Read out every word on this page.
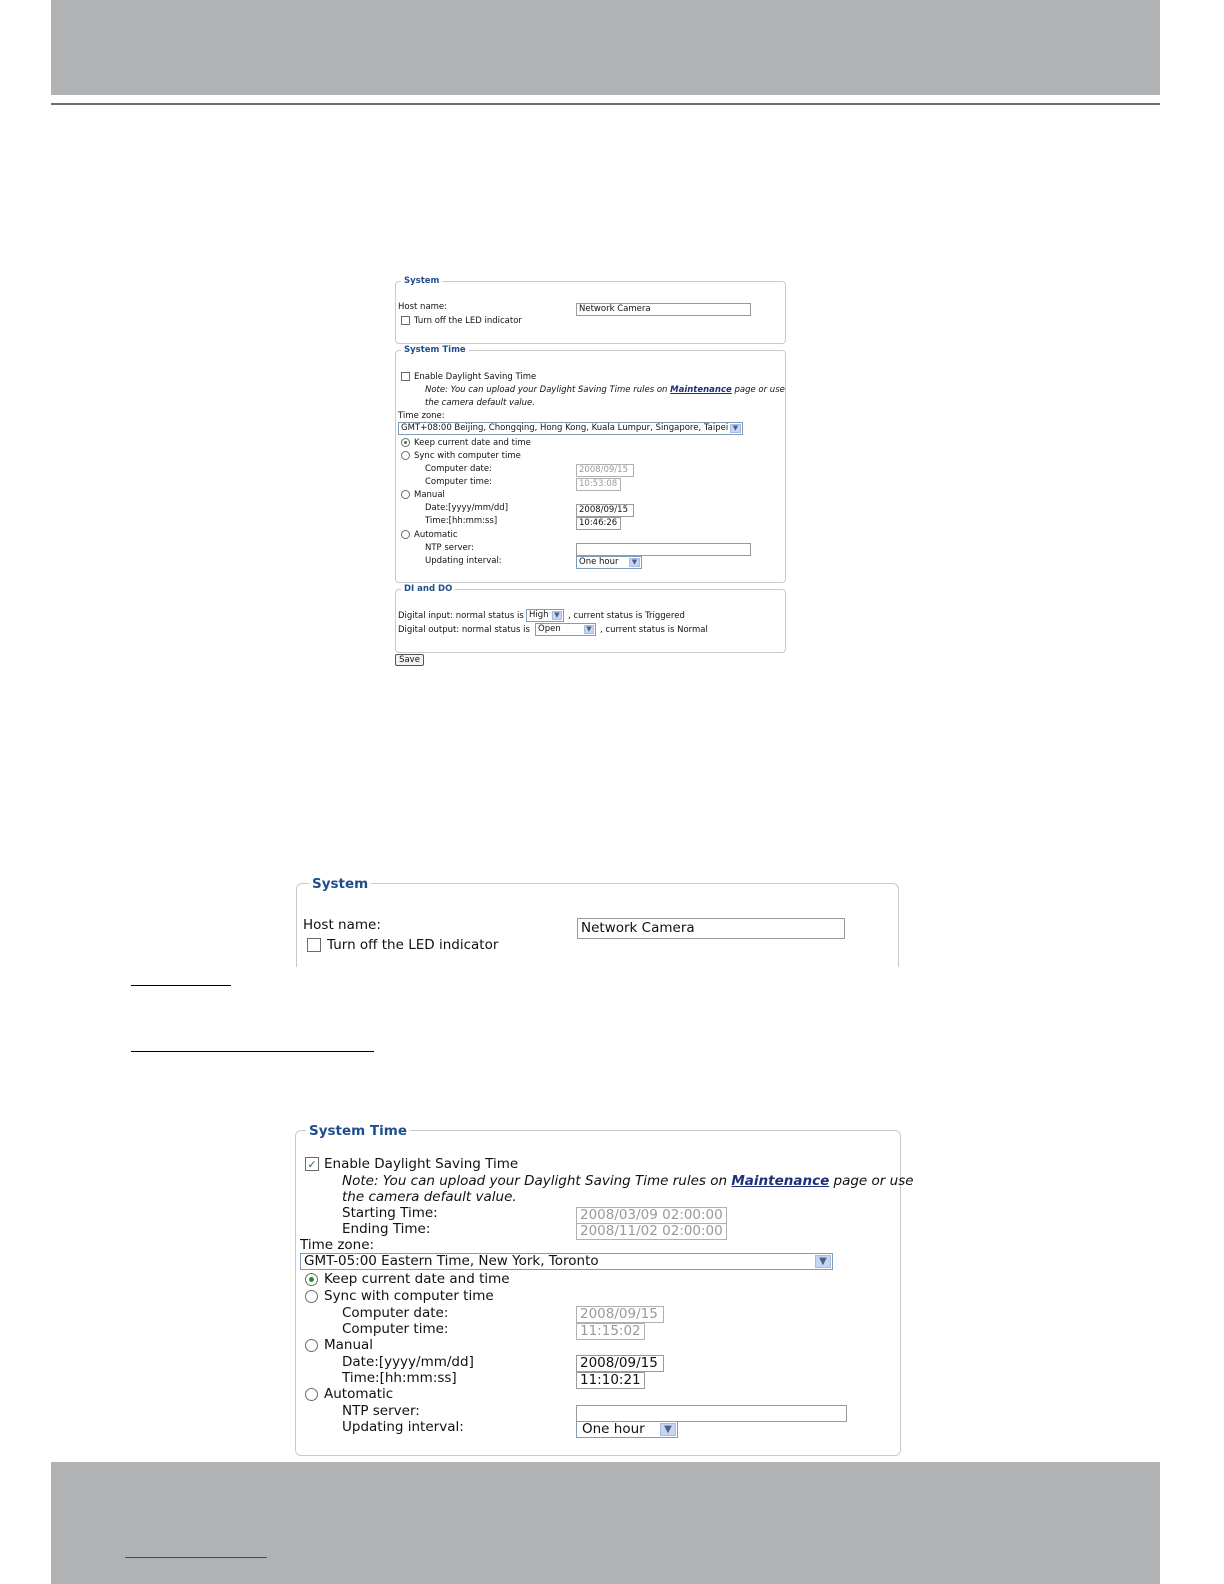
System
Host name:	Network Camera
Turn off the LED indicator
System Time
Enable Daylight Saving Time
Note: You can upload your Daylight Saving Time rules on Maintenance page or use
the camera default value.
Time zone:
GMT+08:00 Beijing, Chongqing, Hong Kong, Kuala Lumpur, Singapore, Taipei ▼
Keep current date and time
Sync with computer time
Computer date:	2008/09/15
Computer time:	10:53:08
Manual
Date:[yyyy/mm/dd]	2008/09/15
Time:[hh:mm:ss]	10:46:26
Automatic
NTP server:
Updating interval:	One hour	▼
DI and DO
Digital input: normal status is High ▼ , current status is Triggered
Digital output: normal status is Open	▼ , current status is Normal
Save
System
Host name:	Network Camera
Turn off the LED indicator
System Time
✓ Enable Daylight Saving Time
Note: You can upload your Daylight Saving Time rules on Maintenance page or use
the camera default value.
Starting Time:	2008/03/09 02:00:00
Ending Time:	2008/11/02 02:00:00
Time zone:
GMT-05:00 Eastern Time, New York, Toronto	▼
Keep current date and time
Sync with computer time
Computer date:	2008/09/15
Computer time:	11:15:02
Manual
Date:[yyyy/mm/dd]	2008/09/15
Time:[hh:mm:ss]	11:10:21
Automatic
NTP server:
Updating interval:	One hour	▼
